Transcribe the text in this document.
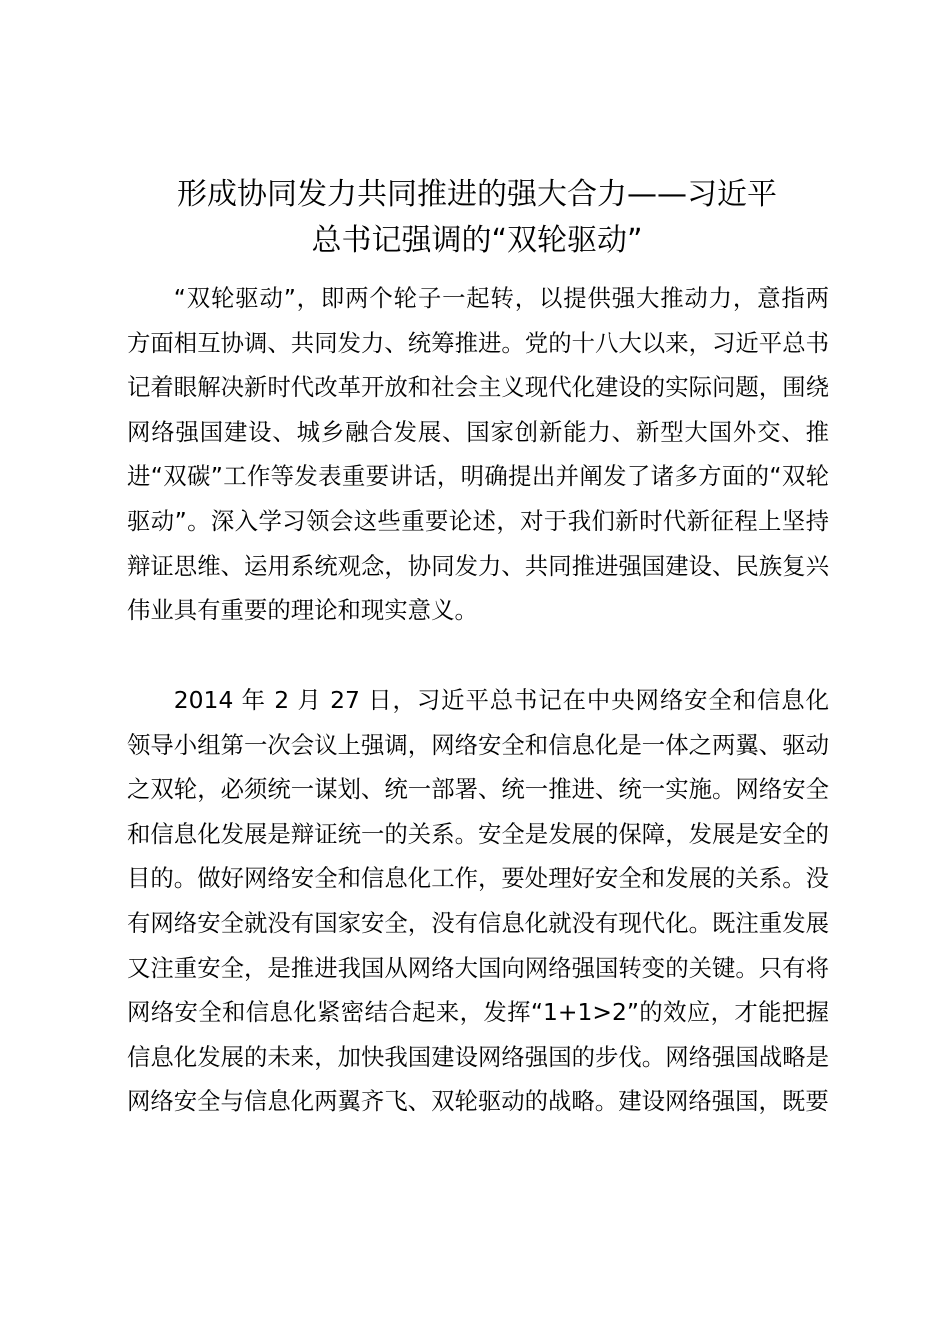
形成协同发力共同推进的强大合力——习近平
总书记强调的“双轮驱动”

“双轮驱动”，即两个轮子一起转，以提供强大推动力，意指两方面相互协调、共同发力、统筹推进。党的十八大以来，习近平总书记着眼解决新时代改革开放和社会主义现代化建设的实际问题，围绕网络强国建设、城乡融合发展、国家创新能力、新型大国外交、推进“双碳”工作等发表重要讲话，明确提出并阐发了诸多方面的“双轮驱动”。深入学习领会这些重要论述，对于我们新时代新征程上坚持辩证思维、运用系统观念，协同发力、共同推进强国建设、民族复兴伟业具有重要的理论和现实意义。

2014 年 2 月 27 日，习近平总书记在中央网络安全和信息化领导小组第一次会议上强调，网络安全和信息化是一体之两翼、驱动之双轮，必须统一谋划、统一部署、统一推进、统一实施。网络安全和信息化发展是辩证统一的关系。安全是发展的保障，发展是安全的目的。做好网络安全和信息化工作，要处理好安全和发展的关系。没有网络安全就没有国家安全，没有信息化就没有现代化。既注重发展又注重安全，是推进我国从网络大国向网络强国转变的关键。只有将网络安全和信息化紧密结合起来，发挥“1+1>2”的效应，才能把握信息化发展的未来，加快我国建设网络强国的步伐。网络强国战略是网络安全与信息化两翼齐飞、双轮驱动的战略。建设网络强国，既要
